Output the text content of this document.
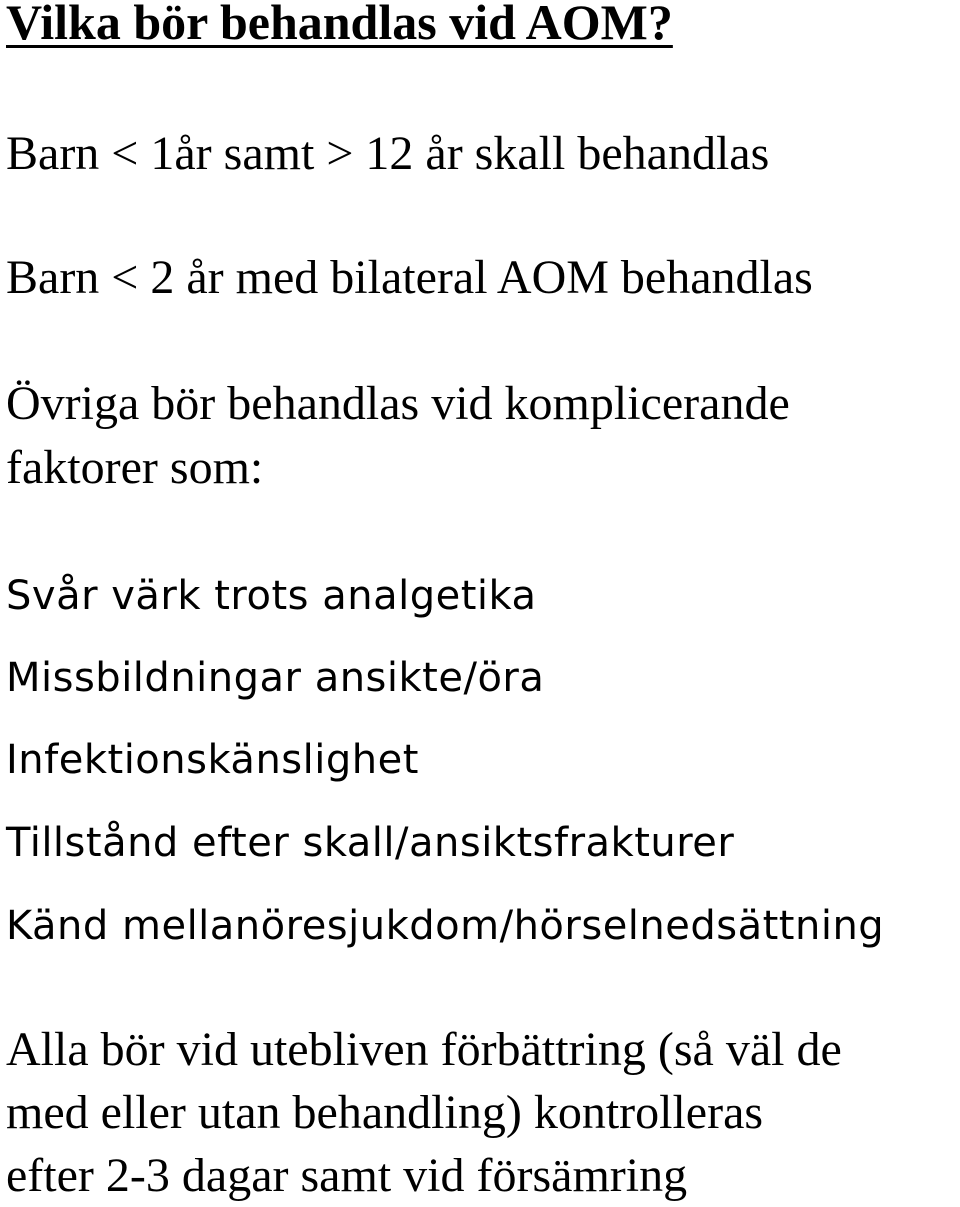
Vilka bör behandlas vid AOM?

Barn < 1år samt > 12 år skall behandlas

Barn < 2 år med bilateral AOM behandlas

Övriga bör behandlas vid komplicerande

faktorer som:

Svår värk trots analgetika

Missbildningar ansikte/öra

Infektionskänslighet

Tillstånd efter skall/ansiktsfrakturer

Känd mellanöresjukdom/hörselnedsättning

Alla bör vid utebliven förbättring (så väl de

med eller utan behandling) kontrolleras

efter 2-3 dagar samt vid försämring
